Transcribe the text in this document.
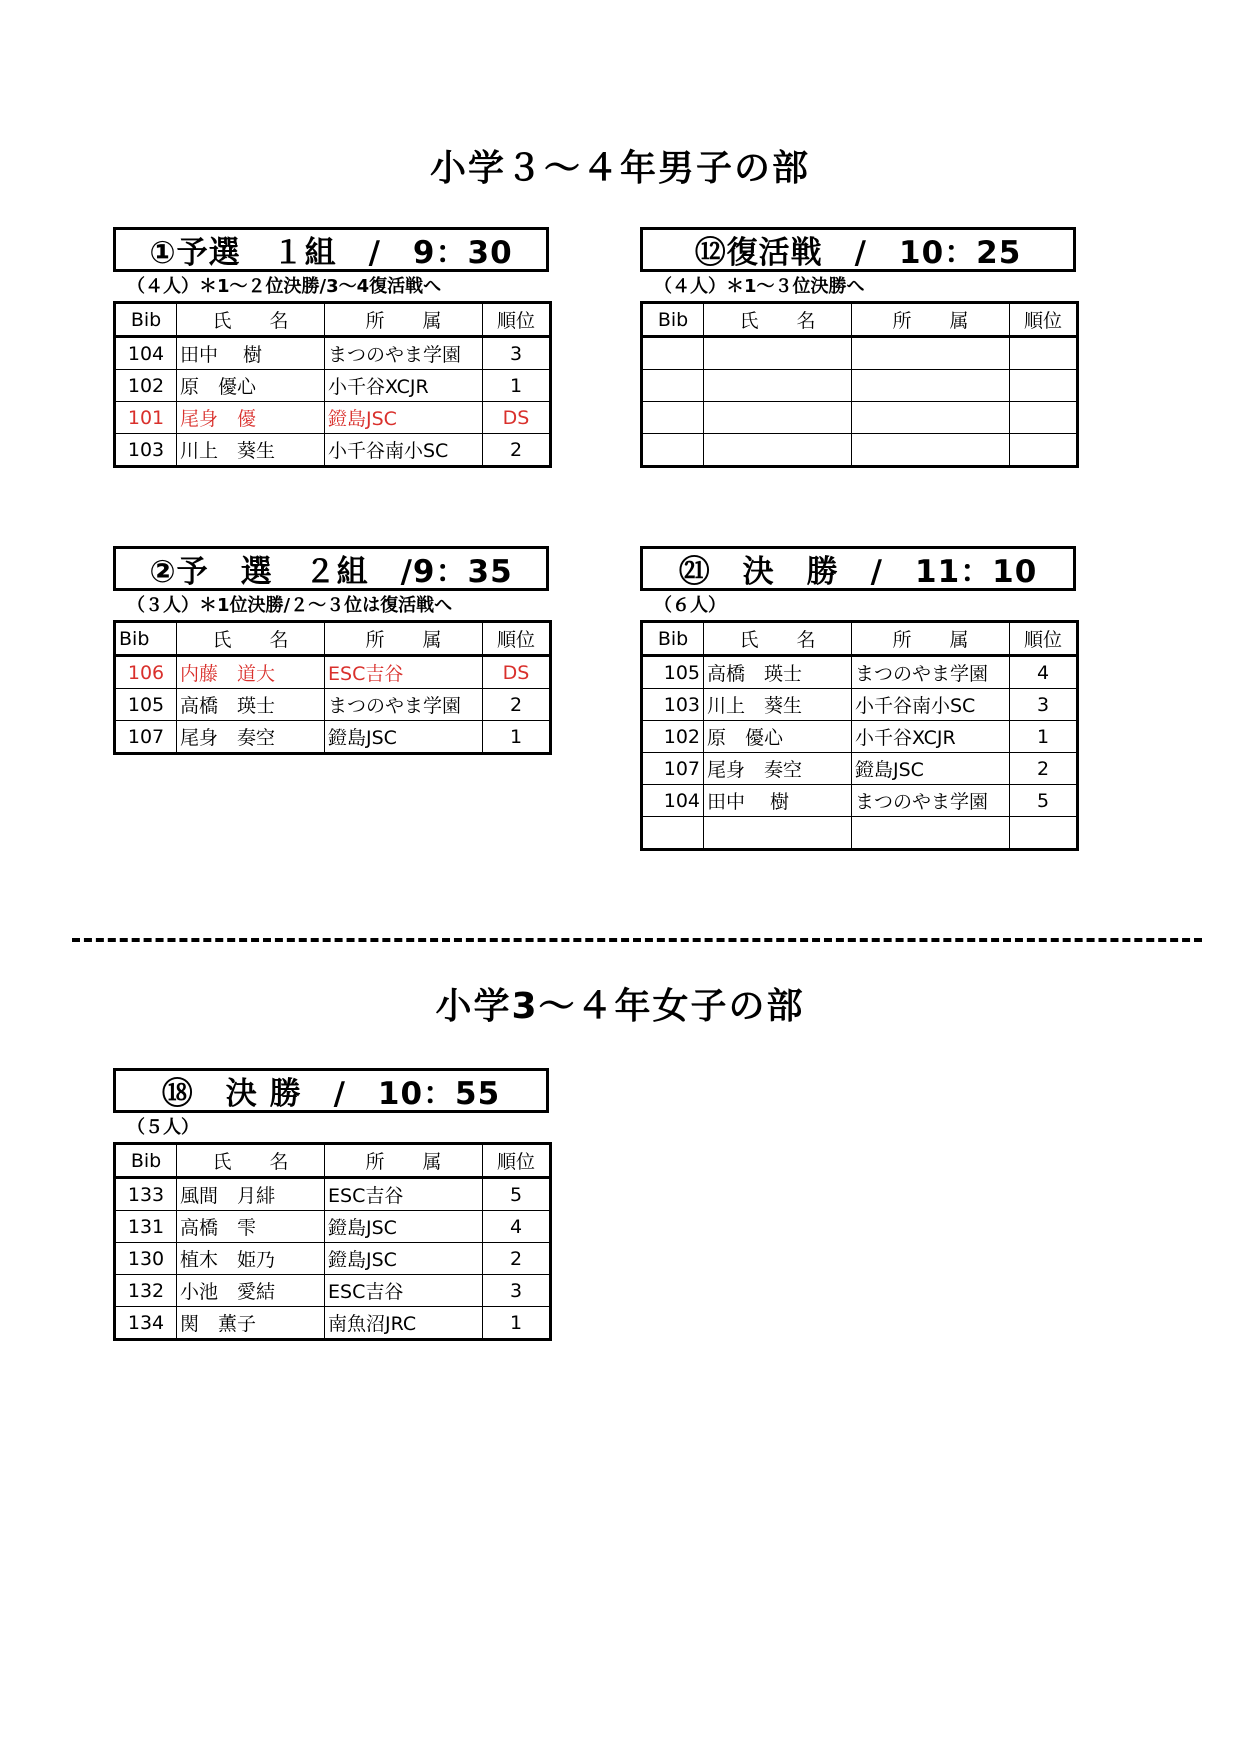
小学３～４年男子の部
①予選　１組　/　9：30
（４人）＊1～２位決勝/3～4復活戦へ
Bib	氏　　名	所　　属	順位
104	田中　 樹	まつのやま学園	3
102	原　優心	小千谷XCJR	1
101	尾身　優	鐙島JSC	DS
103	川上　葵生	小千谷南小SC	2
⑫復活戦　/　10：25
（４人）＊1～３位決勝へ
Bib	氏　　名	所　　属	順位

②予　選　２組　/9：35
（３人）＊1位決勝/２～３位は復活戦へ
Bib	氏　　名	所　　属	順位
106	内藤　道大	ESC吉谷	DS
105	高橋　瑛士	まつのやま学園	2
107	尾身　奏空	鐙島JSC	1
㉑　決　勝　/　11：10
（６人）
Bib	氏　　名	所　　属	順位
105	高橋　瑛士	まつのやま学園	4
103	川上　葵生	小千谷南小SC	3
102	原　優心	小千谷XCJR	1
107	尾身　奏空	鐙島JSC	2
104	田中　 樹	まつのやま学園	5

小学3～４年女子の部
⑱　決 勝　/　10：55
（５人）
Bib	氏　　名	所　　属	順位
133	風間　月緋	ESC吉谷	5
131	高橋　雫	鐙島JSC	4
130	植木　姫乃	鐙島JSC	2
132	小池　愛結	ESC吉谷	3
134	関　薫子	南魚沼JRC	1
